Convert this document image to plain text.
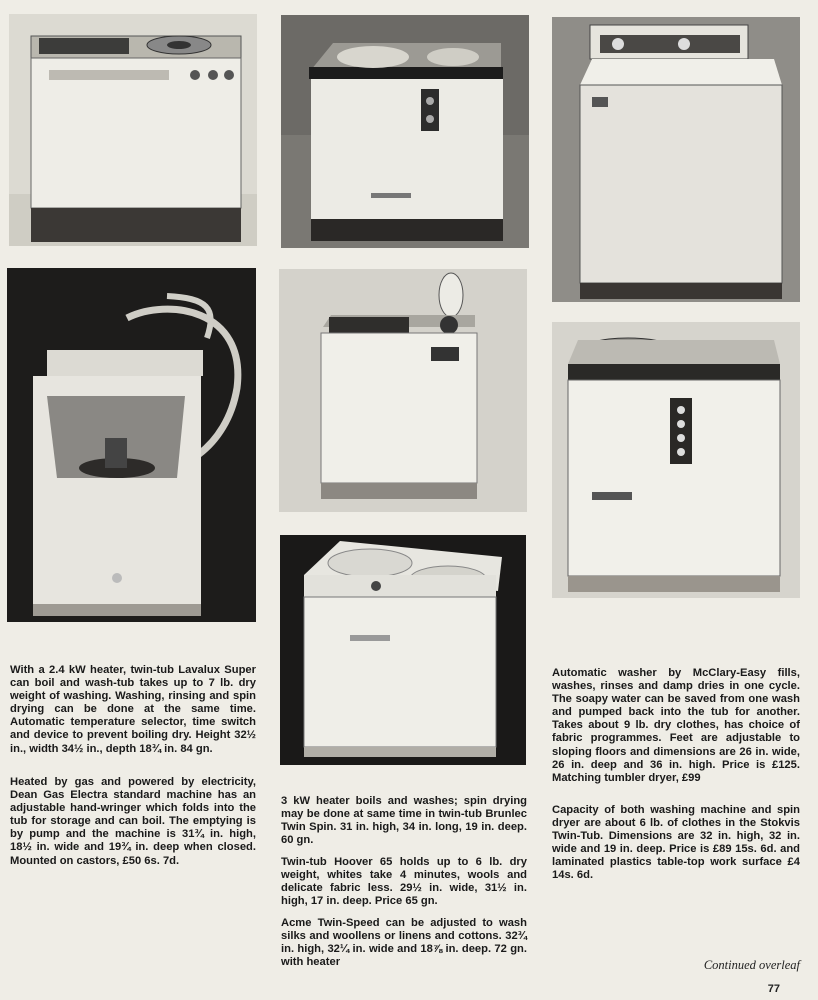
With a 2.4 kW heater, twin-tub Lavalux Super can boil and wash-tub takes up to 7 lb. dry weight of washing. Washing, rinsing and spin drying can be done at the same time. Automatic temperature selector, time switch and device to prevent boiling dry. Height 32½ in., width 34½ in., depth 18¾ in. 84 gn.

Heated by gas and powered by electricity, Dean Gas Electra standard machine has an adjustable hand-wringer which folds into the tub for storage and can boil. The emptying is by pump and the machine is 31¾ in. high, 18½ in. wide and 19¾ in. deep when closed. Mounted on castors, £50 6s. 7d.

3 kW heater boils and washes; spin drying may be done at same time in twin-tub Brunlec Twin Spin. 31 in. high, 34 in. long, 19 in. deep. 60 gn.

Twin-tub Hoover 65 holds up to 6 lb. dry weight, whites take 4 minutes, wools and delicate fabric less. 29½ in. wide, 31½ in. high, 17 in. deep. Price 65 gn.

Acme Twin-Speed can be adjusted to wash silks and woollens or linens and cottons. 32¾ in. high, 32¼ in. wide and 18⅞ in. deep. 72 gn. with heater

Automatic washer by McClary-Easy fills, washes, rinses and damp dries in one cycle. The soapy water can be saved from one wash and pumped back into the tub for another. Takes about 9 lb. dry clothes, has choice of fabric programmes. Feet are adjustable to sloping floors and dimensions are 26 in. wide, 26 in. deep and 36 in. high. Price is £125. Matching tumbler dryer, £99

Capacity of both washing machine and spin dryer are about 6 lb. of clothes in the Stokvis Twin-Tub. Dimensions are 32 in. high, 32 in. wide and 19 in. deep. Price is £89 15s. 6d. and laminated plastics table-top work surface £4 14s. 6d.

Continued overleaf
77
